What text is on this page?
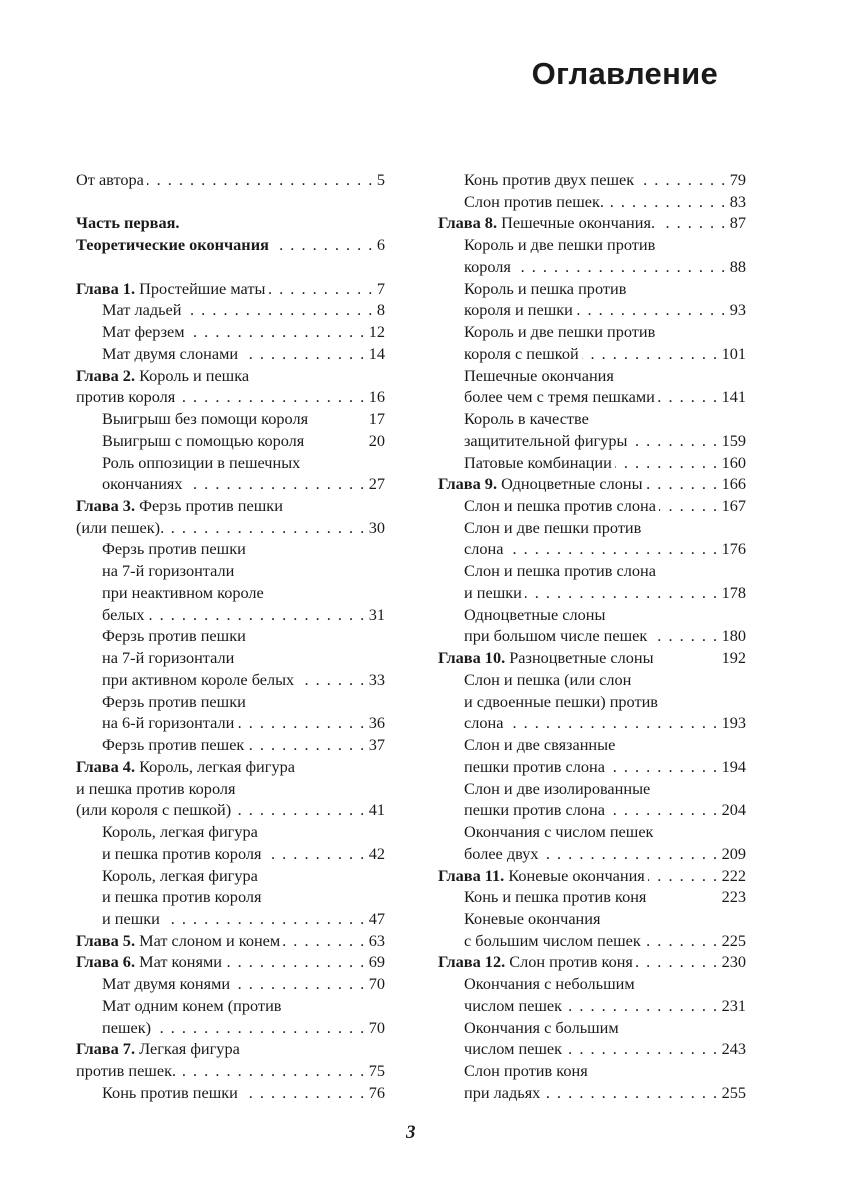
Оглавление
От автора . . .	5
Часть первая.
Теоретические окончания . . .	6
Глава 1. Простейшие маты . . .	7
Мат ладьей . . .	8
Мат ферзем . . .	12
Мат двумя слонами . . .	14
Глава 2. Король и пешка
против короля . . .	16
Выигрыш без помощи короля	17
Выигрыш с помощью короля	20
Роль оппозиции в пешечных
окончаниях . . .	27
Глава 3. Ферзь против пешки
(или пешек). . . .	30
Ферзь против пешки
на 7-й горизонтали
при неактивном короле
белых . . .	31
Ферзь против пешки
на 7-й горизонтали
при активном короле белых . . .	33
Ферзь против пешки
на 6-й горизонтали . . .	36
Ферзь против пешек . . .	37
Глава 4. Король, легкая фигура
и пешка против короля
(или короля с пешкой) . . .	41
Король, легкая фигура
и пешка против короля . . .	42
Король, легкая фигура
и пешка против короля
и пешки . . .	47
Глава 5. Мат слоном и конем . . .	63
Глава 6. Мат конями . . .	69
Мат двумя конями . . .	70
Мат одним конем (против
пешек) . . .	70
Глава 7. Легкая фигура
против пешек. . . .	75
Конь против пешки . . .	76
Конь против двух пешек . . .	79
Слон против пешек. . . .	83
Глава 8. Пешечные окончания. . . .	87
Король и две пешки против
короля . . .	88
Король и пешка против
короля и пешки . . .	93
Король и две пешки против
короля с пешкой . . .	101
Пешечные окончания
более чем с тремя пешками . . .	141
Король в качестве
защитительной фигуры . . .	159
Патовые комбинации . . .	160
Глава 9. Одноцветные слоны . . .	166
Слон и пешка против слона . . .	167
Слон и две пешки против
слона . . .	176
Слон и пешка против слона
и пешки . . .	178
Одноцветные слоны
при большом числе пешек . . .	180
Глава 10. Разноцветные слоны	192
Слон и пешка (или слон
и сдвоенные пешки) против
слона . . .	193
Слон и две связанные
пешки против слона . . .	194
Слон и две изолированные
пешки против слона . . .	204
Окончания с числом пешек
более двух . . .	209
Глава 11. Коневые окончания . . .	222
Конь и пешка против коня	223
Коневые окончания
с большим числом пешек . . .	225
Глава 12. Слон против коня . . .	230
Окончания с небольшим
числом пешек . . .	231
Окончания с большим
числом пешек . . .	243
Слон против коня
при ладьях . . .	255
3
